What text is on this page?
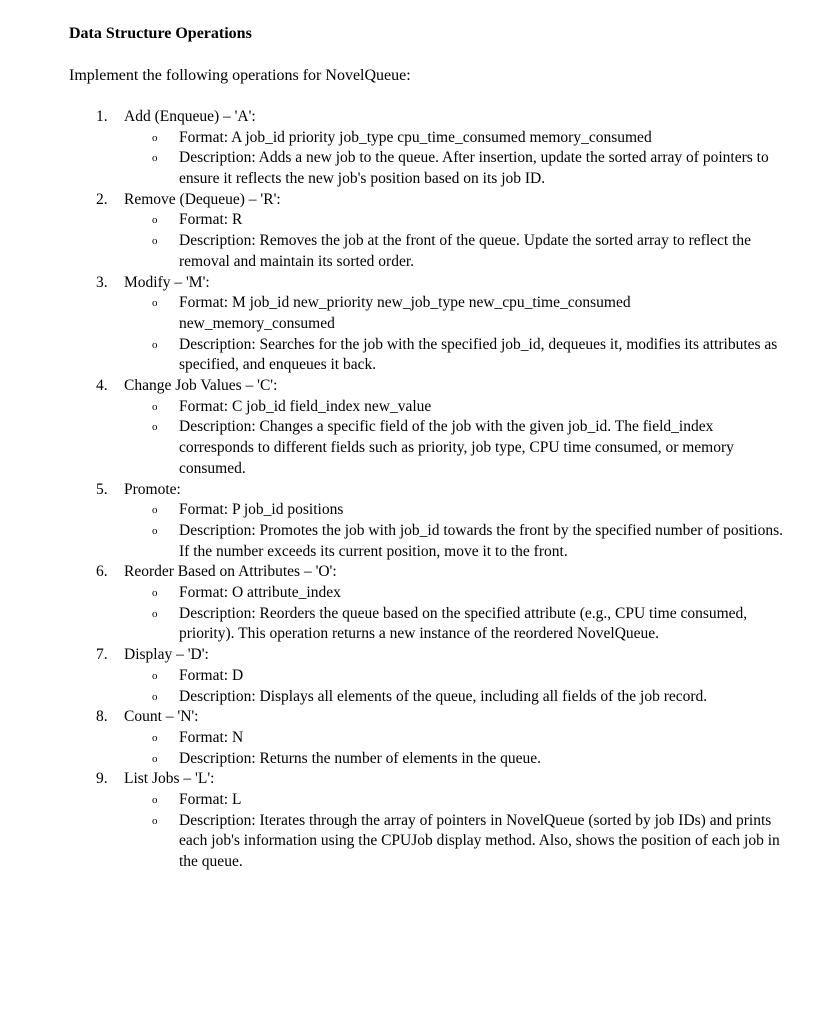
Data Structure Operations
Implement the following operations for NovelQueue:
1. Add (Enqueue) – 'A':
o Format: A job_id priority job_type cpu_time_consumed memory_consumed
o Description: Adds a new job to the queue. After insertion, update the sorted array of pointers to ensure it reflects the new job's position based on its job ID.
2. Remove (Dequeue) – 'R':
o Format: R
o Description: Removes the job at the front of the queue. Update the sorted array to reflect the removal and maintain its sorted order.
3. Modify – 'M':
o Format: M job_id new_priority new_job_type new_cpu_time_consumed new_memory_consumed
o Description: Searches for the job with the specified job_id, dequeues it, modifies its attributes as specified, and enqueues it back.
4. Change Job Values – 'C':
o Format: C job_id field_index new_value
o Description: Changes a specific field of the job with the given job_id. The field_index corresponds to different fields such as priority, job type, CPU time consumed, or memory consumed.
5. Promote:
o Format: P job_id positions
o Description: Promotes the job with job_id towards the front by the specified number of positions. If the number exceeds its current position, move it to the front.
6. Reorder Based on Attributes – 'O':
o Format: O attribute_index
o Description: Reorders the queue based on the specified attribute (e.g., CPU time consumed, priority). This operation returns a new instance of the reordered NovelQueue.
7. Display – 'D':
o Format: D
o Description: Displays all elements of the queue, including all fields of the job record.
8. Count – 'N':
o Format: N
o Description: Returns the number of elements in the queue.
9. List Jobs – 'L':
o Format: L
o Description: Iterates through the array of pointers in NovelQueue (sorted by job IDs) and prints each job's information using the CPUJob display method. Also, shows the position of each job in the queue.
